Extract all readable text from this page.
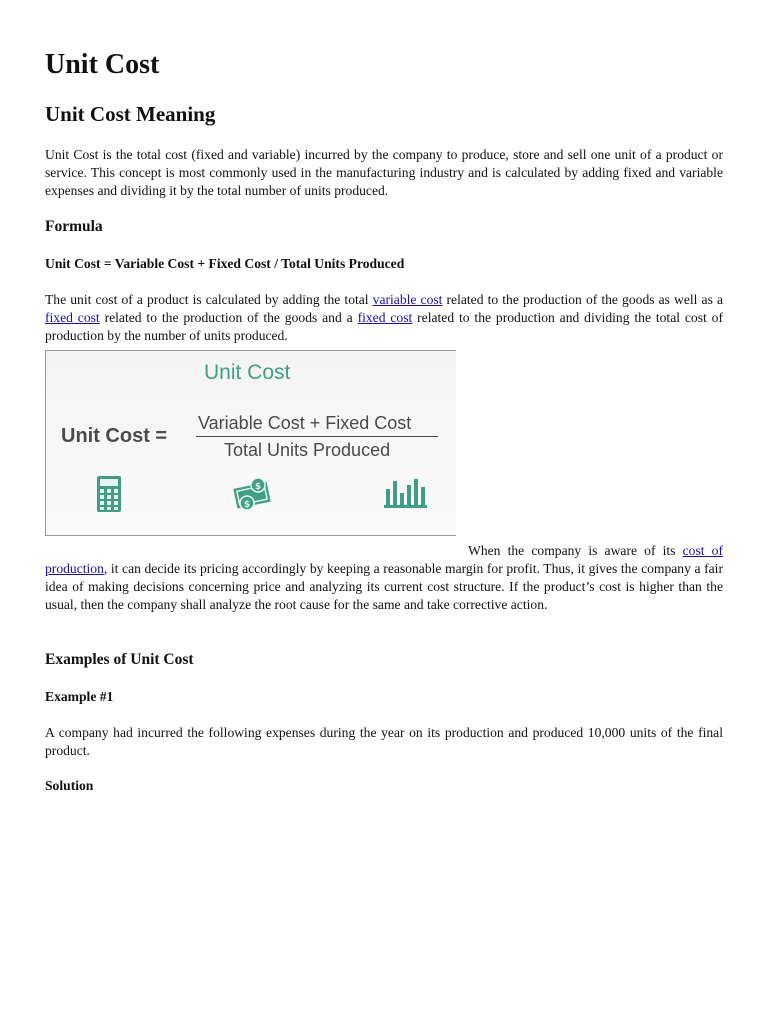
Unit Cost
Unit Cost Meaning

Unit Cost is the total cost (fixed and variable) incurred by the company to produce, store and sell one unit of a product or service. This concept is most commonly used in the manufacturing industry and is calculated by adding fixed and variable expenses and dividing it by the total number of units produced.

Formula
Unit Cost = Variable Cost + Fixed Cost / Total Units Produced

The unit cost of a product is calculated by adding the total variable cost related to the production of the goods as well as a fixed cost related to the production of the goods and a fixed cost related to the production and dividing the total cost of production by the number of units produced.

Unit Cost
Unit Cost =
Variable Cost + Fixed Cost
Total Units Produced
$
$

When the company is aware of its cost of production, it can decide its pricing accordingly by keeping a reasonable margin for profit. Thus, it gives the company a fair idea of making decisions concerning price and analyzing its current cost structure. If the product’s cost is higher than the usual, then the company shall analyze the root cause for the same and take corrective action.

Examples of Unit Cost
Example #1

A company had incurred the following expenses during the year on its production and produced 10,000 units of the final product.

Solution
